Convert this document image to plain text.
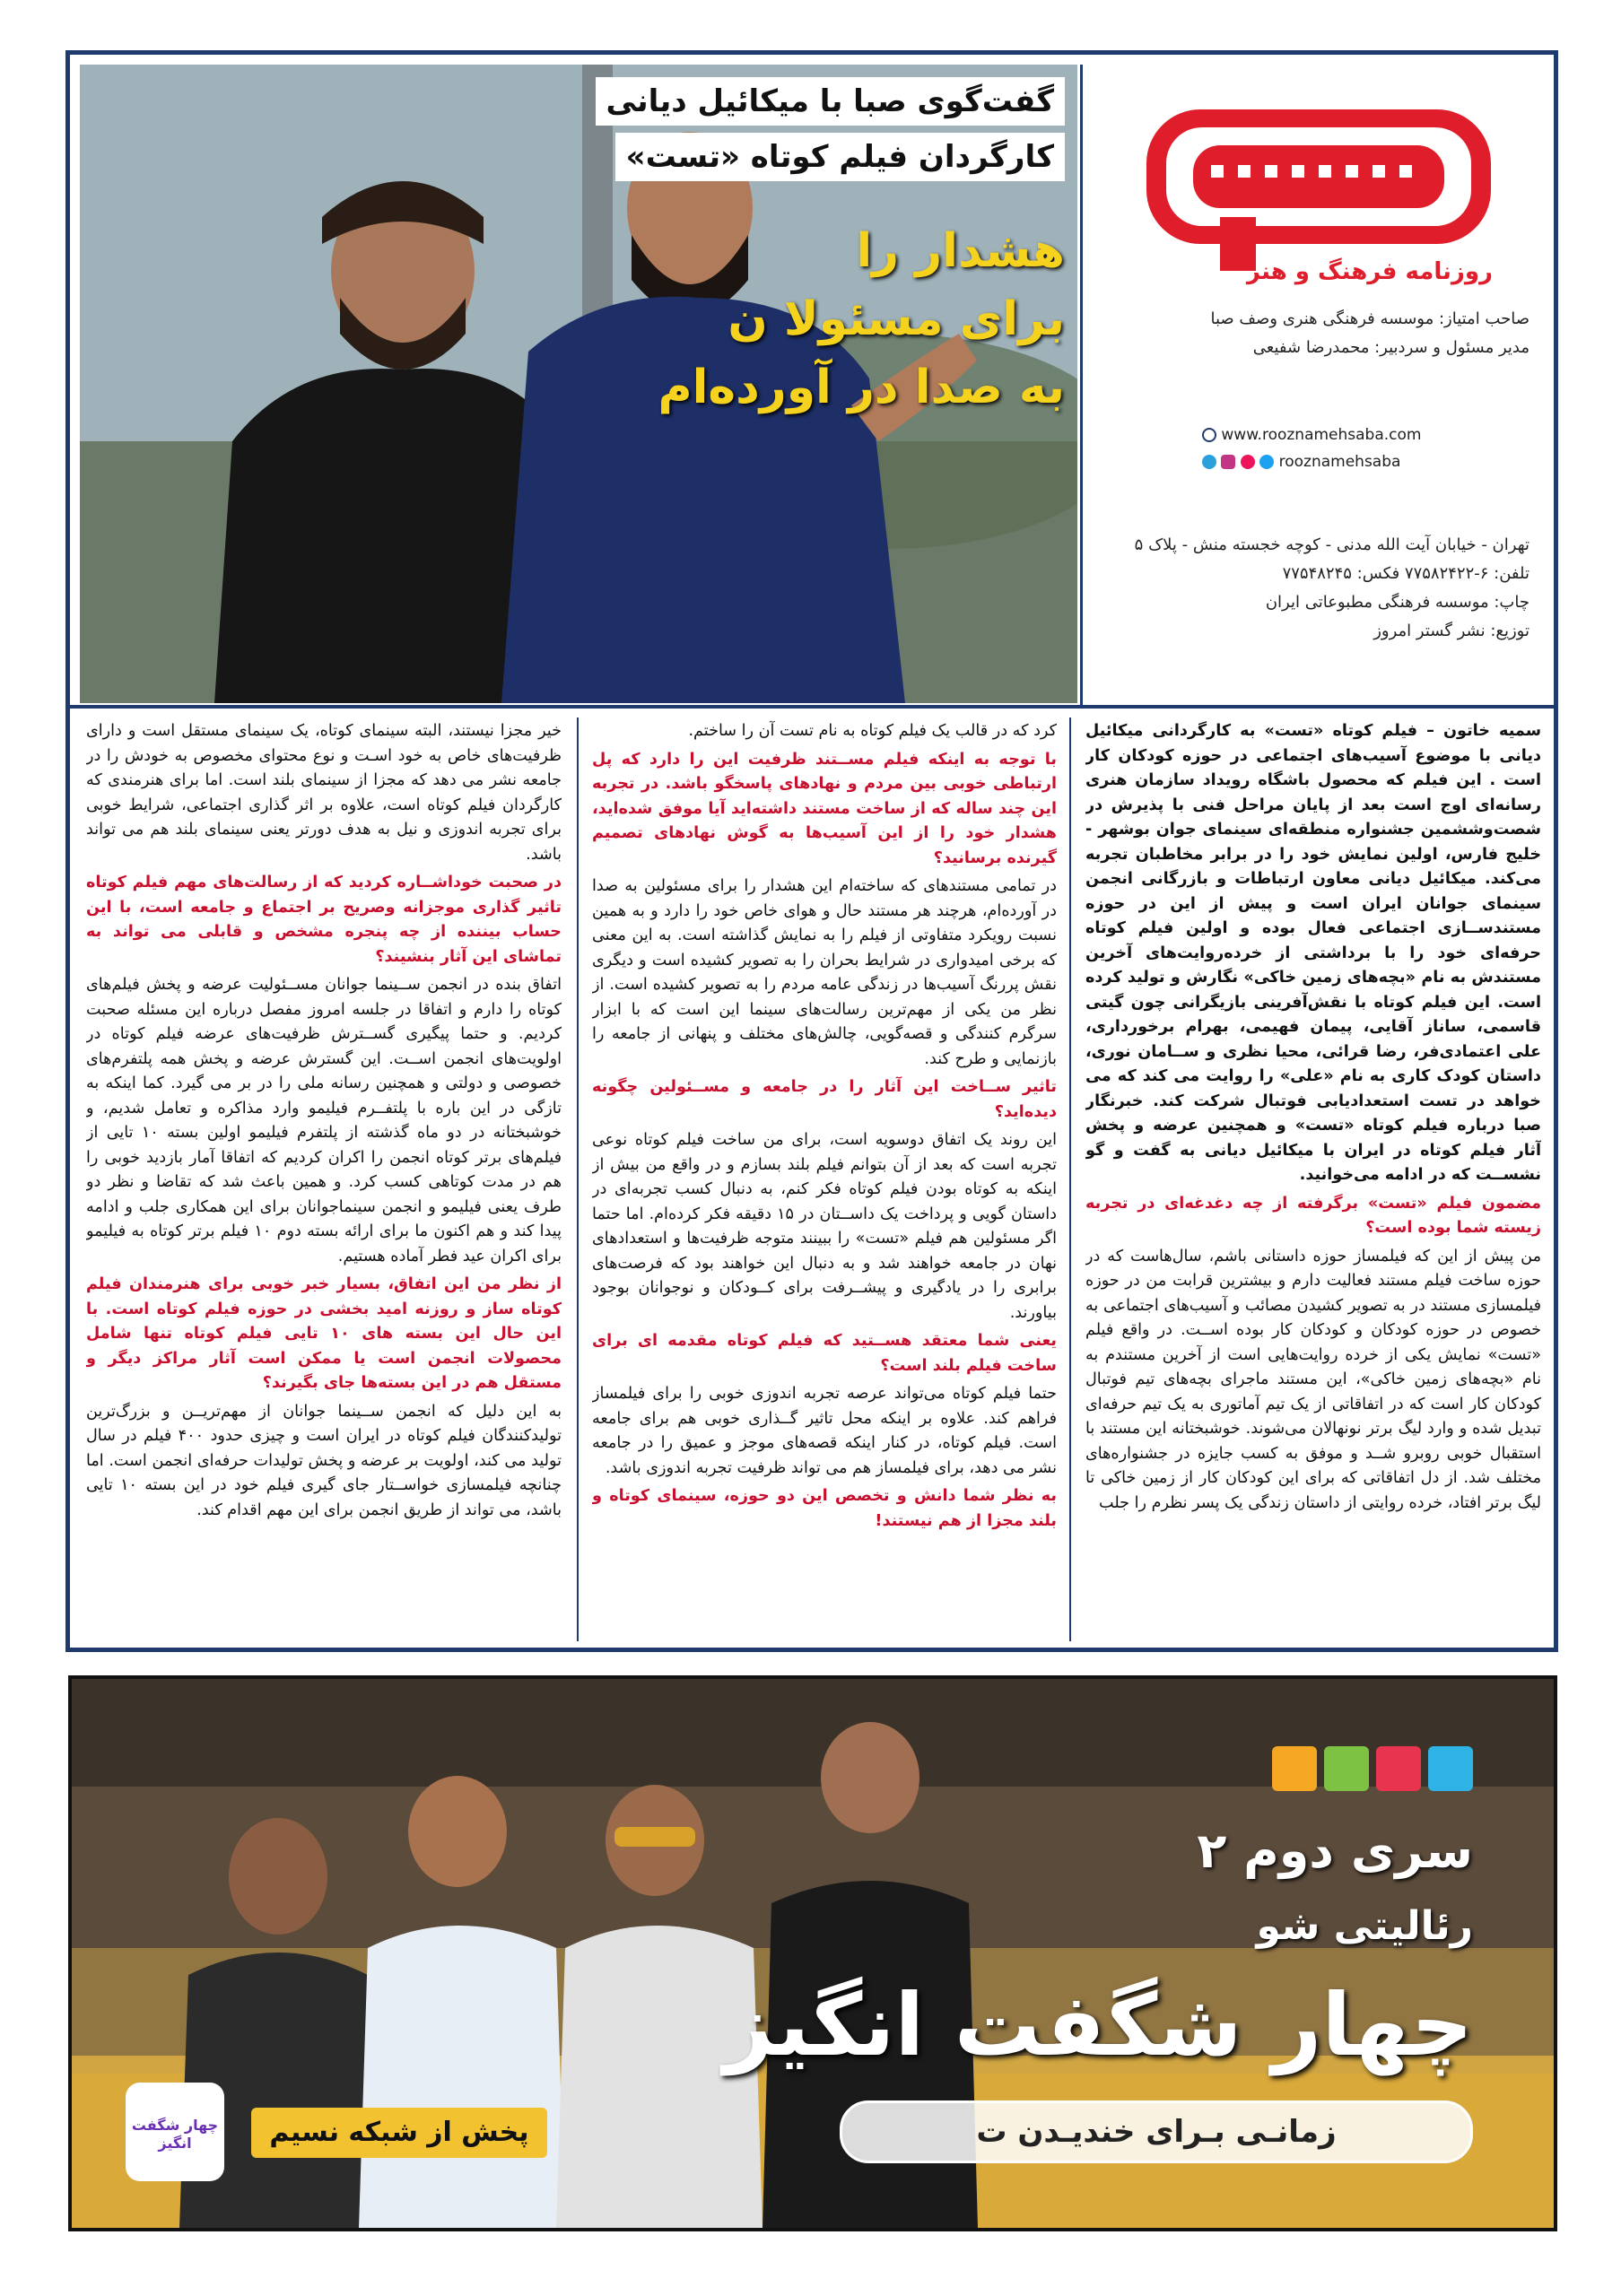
گفت‌گوی صبا با میکائیل دیانی
کارگردان فیلم کوتاه «تست»
هشدار را
برای مسئولا ن
به صدا در آورده‌ام
روزنامه فرهنگ و هنر
صاحب امتیاز: موسسه فرهنگی هنری وصف صبا
مدیر مسئول و سردبیر: محمدرضا شفیعی
www.rooznamehsaba.com
rooznamehsaba
تهران - خیابان آیت الله مدنی - کوچه خجسته منش - پلاک ۵
تلفن: ۶-۷۷۵۸۲۴۲۲ فکس: ۷۷۵۴۸۲۴۵
چاپ: موسسه فرهنگی مطبوعاتی ایران
توزیع: نشر گستر امروز

سمیه خاتون – فیلم کوتاه «تست» به کارگردانی میکائیل دیانی با موضوع آسیب‌های اجتماعی در حوزه کودکان کار است . این فیلم که محصول باشگاه رویداد سازمان هنری رسانه‌ای اوج است بعد از پایان مراحل فنی با پذیرش در شصت‌وششمین جشنواره منطقه‌ای سینمای جوان بوشهر - خلیج فارس، اولین نمایش خود را در برابر مخاطبان تجربه می‌کند. میکائیل دیانی معاون ارتباطات و بازرگانی انجمن سینمای جوانان ایران است و پیش از این در حوزه مستندســازی اجتماعی فعال بوده و اولین فیلم کوتاه حرفه‌ای خود را با برداشتی از خرده‌روایت‌های آخرین مستندش به نام «بچه‌های زمین خاکی» نگارش و تولید کرده است. این فیلم کوتاه با نقش‌آفرینی بازیگرانی چون گیتی قاسمی، ساناز آقایی، پیمان فهیمی، بهرام برخورداری، علی اعتمادی‌فر، رضا قرائی، محیا نظری و ســامان نوری، داستان کودک کاری به نام «علی» را روایت می کند که می خواهد در تست استعدادیابی فوتبال شرکت کند. خبرنگار صبا درباره فیلم کوتاه «تست» و همچنین عرضه و پخش آثار فیلم کوتاه در ایران با میکائیل دیانی به گفت و گو نشســت که در ادامه می‌خوانید.

مضمون فیلم «تست» برگرفته از چه دغدغه‌ای در تجربه زیسته شما بوده است؟

من پیش از این که فیلمساز حوزه داستانی باشم، سال‌هاست که در حوزه ساخت فیلم مستند فعالیت دارم و بیشترین قرابت من در حوزه فیلمسازی مستند در به تصویر کشیدن مصائب و آسیب‌های اجتماعی به خصوص در حوزه کودکان و کودکان کار بوده اســت. در واقع فیلم «تست» نمایش یکی از خرده روایت‌هایی است از آخرین مستندم به نام «بچه‌های زمین خاکی»، این مستند ماجرای بچه‌های تیم فوتبال کودکان کار است که در اتفاقاتی از یک تیم آماتوری به یک تیم حرفه‌ای تبدیل شده و وارد لیگ برتر نونهالان می‌شوند. خوشبختانه این مستند با استقبال خوبی روبرو شــد و موفق به کسب جایزه در جشنواره‌های مختلف شد. از دل اتفاقاتی که برای این کودکان کار از زمین خاکی تا لیگ برتر افتاد، خرده روایتی از داستان زندگی یک پسر نظرم را جلب

کرد که در قالب یک فیلم کوتاه به نام تست آن را ساختم.

با توجه به اینکه فیلم مســتند ظرفیت این را دارد که پل ارتباطی خوبی بین مردم و نهادهای پاسخگو باشد. در تجربه این چند ساله که از ساخت مستند داشته‌اید آیا موفق شده‌اید، هشدار خود را از این آسیب‌ها به گوش نهادهای تصمیم گیرنده برسانید؟

در تمامی مستندهای که ساخته‌ام این هشدار را برای مسئولین به صدا در آورده‌ام، هرچند هر مستند حال و هوای خاص خود را دارد و به همین نسبت رویکرد متفاوتی از فیلم را به نمایش گذاشته است. به این معنی که برخی امیدواری در شرایط بحران را به تصویر کشیده است و دیگری نقش پررنگ آسیب‌ها در زندگی عامه مردم را به تصویر کشیده است. از نظر من یکی از مهم‌ترین رسالت‌های سینما این است که با ابزار سرگرم کنندگی و قصه‌گویی، چالش‌های مختلف و پنهانی از جامعه را بازنمایی و طرح کند.

تاثیر ســاخت این آثار را در جامعه و مســئولین چگونه دیده‌اید؟

این روند یک اتفاق دوسویه است، برای من ساخت فیلم کوتاه نوعی تجربه است که بعد از آن بتوانم فیلم بلند بسازم و در واقع من بیش از اینکه به کوتاه بودن فیلم کوتاه فکر کنم، به دنبال کسب تجربه‌ای در داستان گویی و پرداخت یک داســتان در ۱۵ دقیقه فکر کرده‌ام. اما حتما اگر مسئولین هم فیلم «تست» را ببینند متوجه ظرفیت‌ها و استعدادهای نهان در جامعه خواهند شد و به دنبال این خواهند بود که فرصت‌های برابری را در یادگیری و پیشــرفت برای کــودکان و نوجوانان بوجود بیاورند.

یعنی شما معتقد هســتید که فیلم کوتاه مقدمه ای برای ساخت فیلم بلند است؟

حتما فیلم کوتاه می‌تواند عرصه تجربه اندوزی خوبی را برای فیلمساز فراهم کند. علاوه بر اینکه محل تاثیر گــذاری خوبی هم برای جامعه است. فیلم کوتاه، در کنار اینکه قصه‌های موجز و عمیق را در جامعه نشر می دهد، برای فیلمساز هم می تواند ظرفیت تجربه اندوزی باشد.

به نظر شما دانش و تخصص این دو حوزه، سینمای کوتاه و بلند مجزا از هم نیستند!

خیر مجزا نیستند، البته سینمای کوتاه، یک سینمای مستقل است و دارای ظرفیت‌های خاص به خود اسـت و نوع محتوای مخصوص به خودش را در جامعه نشر می دهد که مجزا از سینمای بلند است. اما برای هنرمندی که کارگردان فیلم کوتاه است، علاوه بر اثر گذاری اجتماعی، شرایط خوبی برای تجربه اندوزی و نیل به هدف دورتر یعنی سینمای بلند هم می تواند باشد.

در صحبت خوداشــاره کردید که از رسالت‌های مهم فیلم کوتاه تاثیر گذاری موجزانه وصریح بر اجتماع و جامعه است، با این حساب بیننده از چه پنجره مشخص و قابلی می تواند به تماشای این آثار بنشیند؟

اتفاق بنده در انجمن ســینما جوانان مســئولیت عرضه و پخش فیلم‌های کوتاه را دارم و اتفاقا در جلسه امروز مفصل درباره این مسئله صحبت کردیم. و حتما پیگیری گســترش ظرفیت‌های عرضه فیلم کوتاه در اولویت‌های انجمن اســت. این گسترش عرضه و پخش همه پلتفرم‌های خصوصی و دولتی و همچنین رسانه ملی را در بر می گیرد. کما اینکه به تازگی در این باره با پلتفــرم فیلیمو وارد مذاکره و تعامل شدیم، و خوشبختانه در دو ماه گذشته از پلتفرم فیلیمو اولین بسته ۱۰ تایی از فیلم‌های برتر کوتاه انجمن را اکران کردیم که اتفاقا آمار بازدید خوبی را هم در مدت کوتاهی کسب کرد. و همین باعث شد که تقاضا و نظر دو طرف یعنی فیلیمو و انجمن سینماجوانان برای این همکاری جلب و ادامه پیدا کند و هم اکنون ما برای ارائه بسته دوم ۱۰ فیلم برتر کوتاه به فیلیمو برای اکران عید فطر آماده هستیم.

از نظر من این اتفاق، بسیار خبر خوبی برای هنرمندان فیلم کوتاه ساز و روزنه امید بخشی در حوزه فیلم کوتاه است. با این حال این بسته های ۱۰ تایی فیلم کوتاه تنها شامل محصولات انجمن است یا ممکن است آثار مراکز دیگر و مستقل هم در این بسته‌ها جای بگیرند؟

به این دلیل که انجمن ســینما جوانان از مهم‌تریــن و بزرگ‌ترین تولیدکنندگان فیلم کوتاه در ایران است و چیزی حدود ۴۰۰ فیلم در سال تولید می کند، اولویت بر عرضه و پخش تولیدات حرفه‌ای انجمن است. اما چنانچه فیلمسازی خواســتار جای گیری فیلم خود در این بسته ۱۰ تایی باشد، می تواند از طریق انجمن برای این مهم اقدام کند.

سری دوم ۲
رئالیتی شو
چهار شگفت انگیز
زمانـی بـرای خندیـدن ت
پخش از شبکه نسیم
چهار شگفت انگیز
